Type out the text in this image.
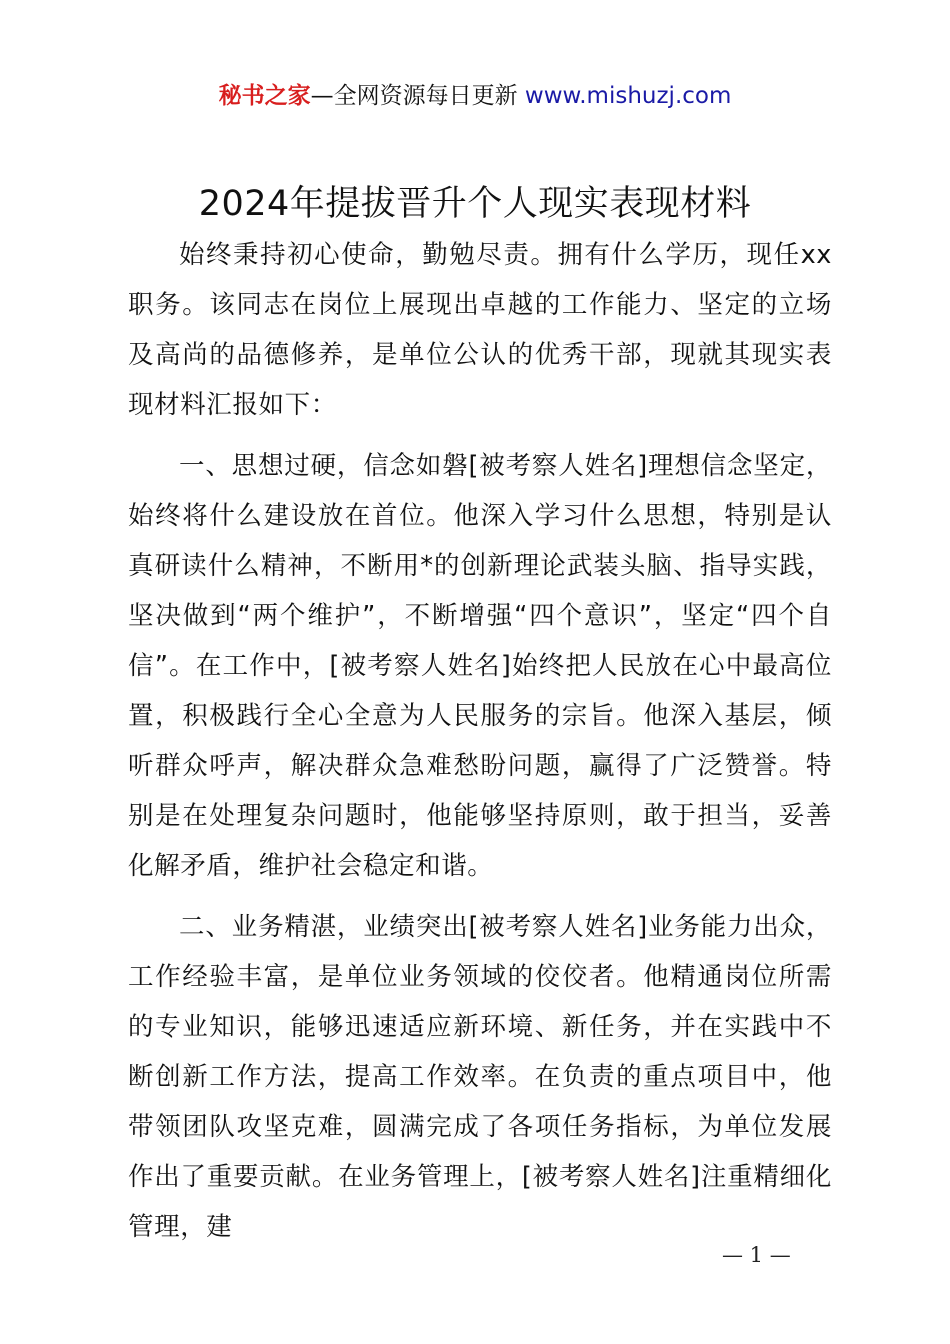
秘书之家—全网资源每日更新 www.mishuzj.com
2024年提拔晋升个人现实表现材料

始终秉持初心使命，勤勉尽责。拥有什么学历，现任xx职务。该同志在岗位上展现出卓越的工作能力、坚定的立场及高尚的品德修养，是单位公认的优秀干部，现就其现实表现材料汇报如下：

一、思想过硬，信念如磐[被考察人姓名]理想信念坚定，始终将什么建设放在首位。他深入学习什么思想，特别是认真研读什么精神，不断用*的创新理论武装头脑、指导实践，坚决做到“两个维护”，不断增强“四个意识”，坚定“四个自信”。在工作中，[被考察人姓名]始终把人民放在心中最高位置，积极践行全心全意为人民服务的宗旨。他深入基层，倾听群众呼声，解决群众急难愁盼问题，赢得了广泛赞誉。特别是在处理复杂问题时，他能够坚持原则，敢于担当，妥善化解矛盾，维护社会稳定和谐。

二、业务精湛，业绩突出[被考察人姓名]业务能力出众，工作经验丰富，是单位业务领域的佼佼者。他精通岗位所需的专业知识，能够迅速适应新环境、新任务，并在实践中不断创新工作方法，提高工作效率。在负责的重点项目中，他带领团队攻坚克难，圆满完成了各项任务指标，为单位发展作出了重要贡献。在业务管理上，[被考察人姓名]注重精细化管理，建

— 1 —
